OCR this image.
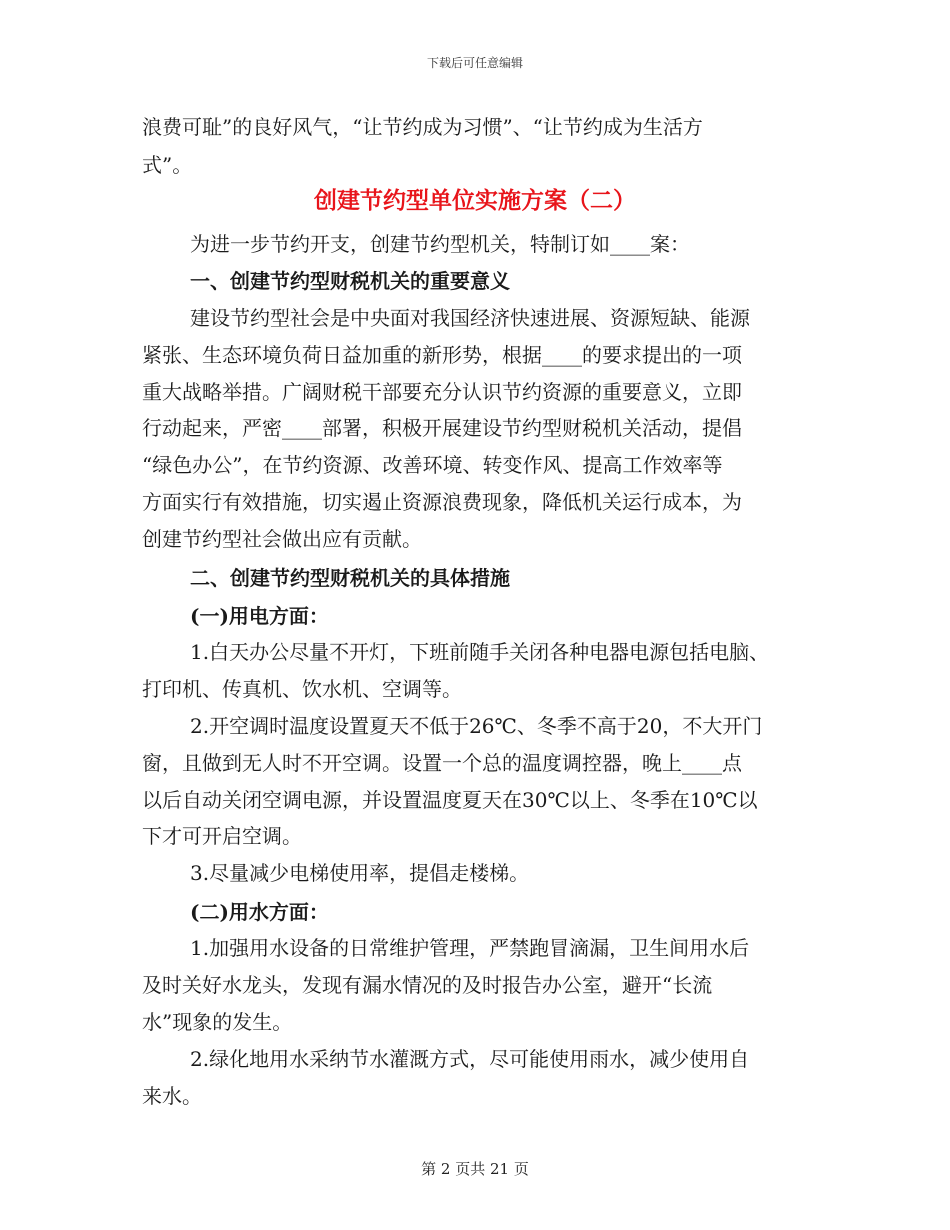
下载后可任意编辑
浪费可耻”的良好风气，“让节约成为习惯”、“让节约成为生活方
式”。
创建节约型单位实施方案（二）
为进一步节约开支，创建节约型机关，特制订如____案：
一、创建节约型财税机关的重要意义
建设节约型社会是中央面对我国经济快速进展、资源短缺、能源
紧张、生态环境负荷日益加重的新形势，根据____的要求提出的一项
重大战略举措。广阔财税干部要充分认识节约资源的重要意义，立即
行动起来，严密____部署，积极开展建设节约型财税机关活动，提倡
“绿色办公”，在节约资源、改善环境、转变作风、提高工作效率等
方面实行有效措施，切实遏止资源浪费现象，降低机关运行成本，为
创建节约型社会做出应有贡献。
二、创建节约型财税机关的具体措施
(一)用电方面：
1.白天办公尽量不开灯，下班前随手关闭各种电器电源包括电脑、
打印机、传真机、饮水机、空调等。
2.开空调时温度设置夏天不低于26℃、冬季不高于20，不大开门
窗，且做到无人时不开空调。设置一个总的温度调控器，晚上____点
以后自动关闭空调电源，并设置温度夏天在30℃以上、冬季在10℃以
下才可开启空调。
3.尽量减少电梯使用率，提倡走楼梯。
(二)用水方面：
1.加强用水设备的日常维护管理，严禁跑冒滴漏，卫生间用水后
及时关好水龙头，发现有漏水情况的及时报告办公室，避开“长流
水”现象的发生。
2.绿化地用水采纳节水灌溉方式，尽可能使用雨水，减少使用自
来水。
第 2 页共 21 页
